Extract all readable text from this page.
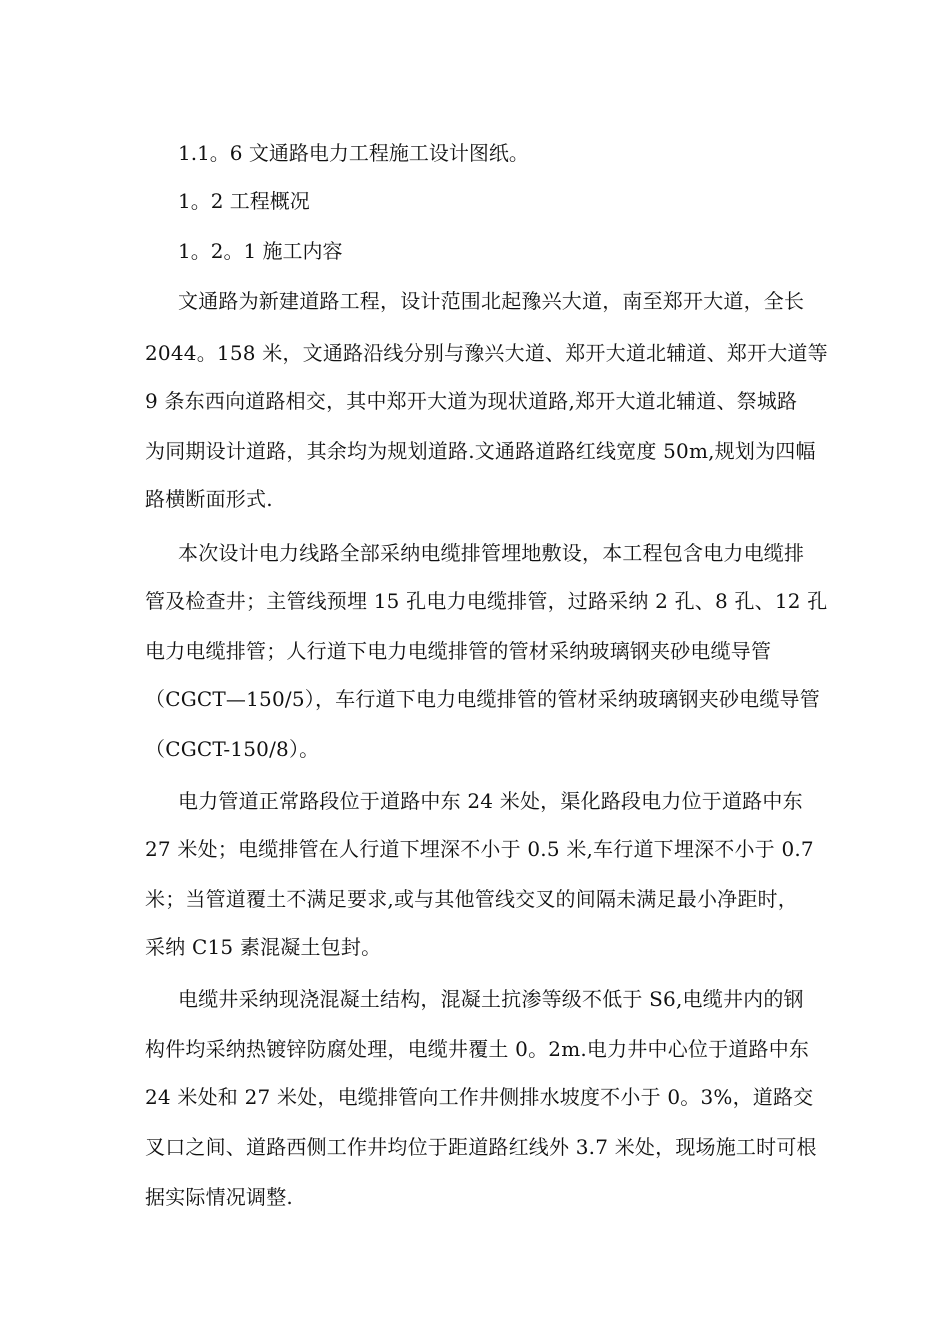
1.1。6 文通路电力工程施工设计图纸。
1。2 工程概况
1。2。1 施工内容
文通路为新建道路工程，设计范围北起豫兴大道，南至郑开大道，全长
2044。158 米，文通路沿线分别与豫兴大道、郑开大道北辅道、郑开大道等
9 条东西向道路相交，其中郑开大道为现状道路,郑开大道北辅道、祭城路
为同期设计道路，其余均为规划道路.文通路道路红线宽度 50m,规划为四幅
路横断面形式.
本次设计电力线路全部采纳电缆排管埋地敷设，本工程包含电力电缆排
管及检查井；主管线预埋 15 孔电力电缆排管，过路采纳 2 孔、8 孔、12 孔
电力电缆排管；人行道下电力电缆排管的管材采纳玻璃钢夹砂电缆导管
（CGCT—150/5），车行道下电力电缆排管的管材采纳玻璃钢夹砂电缆导管
（CGCT-150/8）。
电力管道正常路段位于道路中东 24 米处，渠化路段电力位于道路中东
27 米处；电缆排管在人行道下埋深不小于 0.5 米,车行道下埋深不小于 0.7
米；当管道覆土不满足要求,或与其他管线交叉的间隔未满足最小净距时，
采纳 C15 素混凝土包封。
电缆井采纳现浇混凝土结构，混凝土抗渗等级不低于 S6,电缆井内的钢
构件均采纳热镀锌防腐处理，电缆井覆土 0。2m.电力井中心位于道路中东
24 米处和 27 米处，电缆排管向工作井侧排水坡度不小于 0。3%，道路交
叉口之间、道路西侧工作井均位于距道路红线外 3.7 米处，现场施工时可根
据实际情况调整.
